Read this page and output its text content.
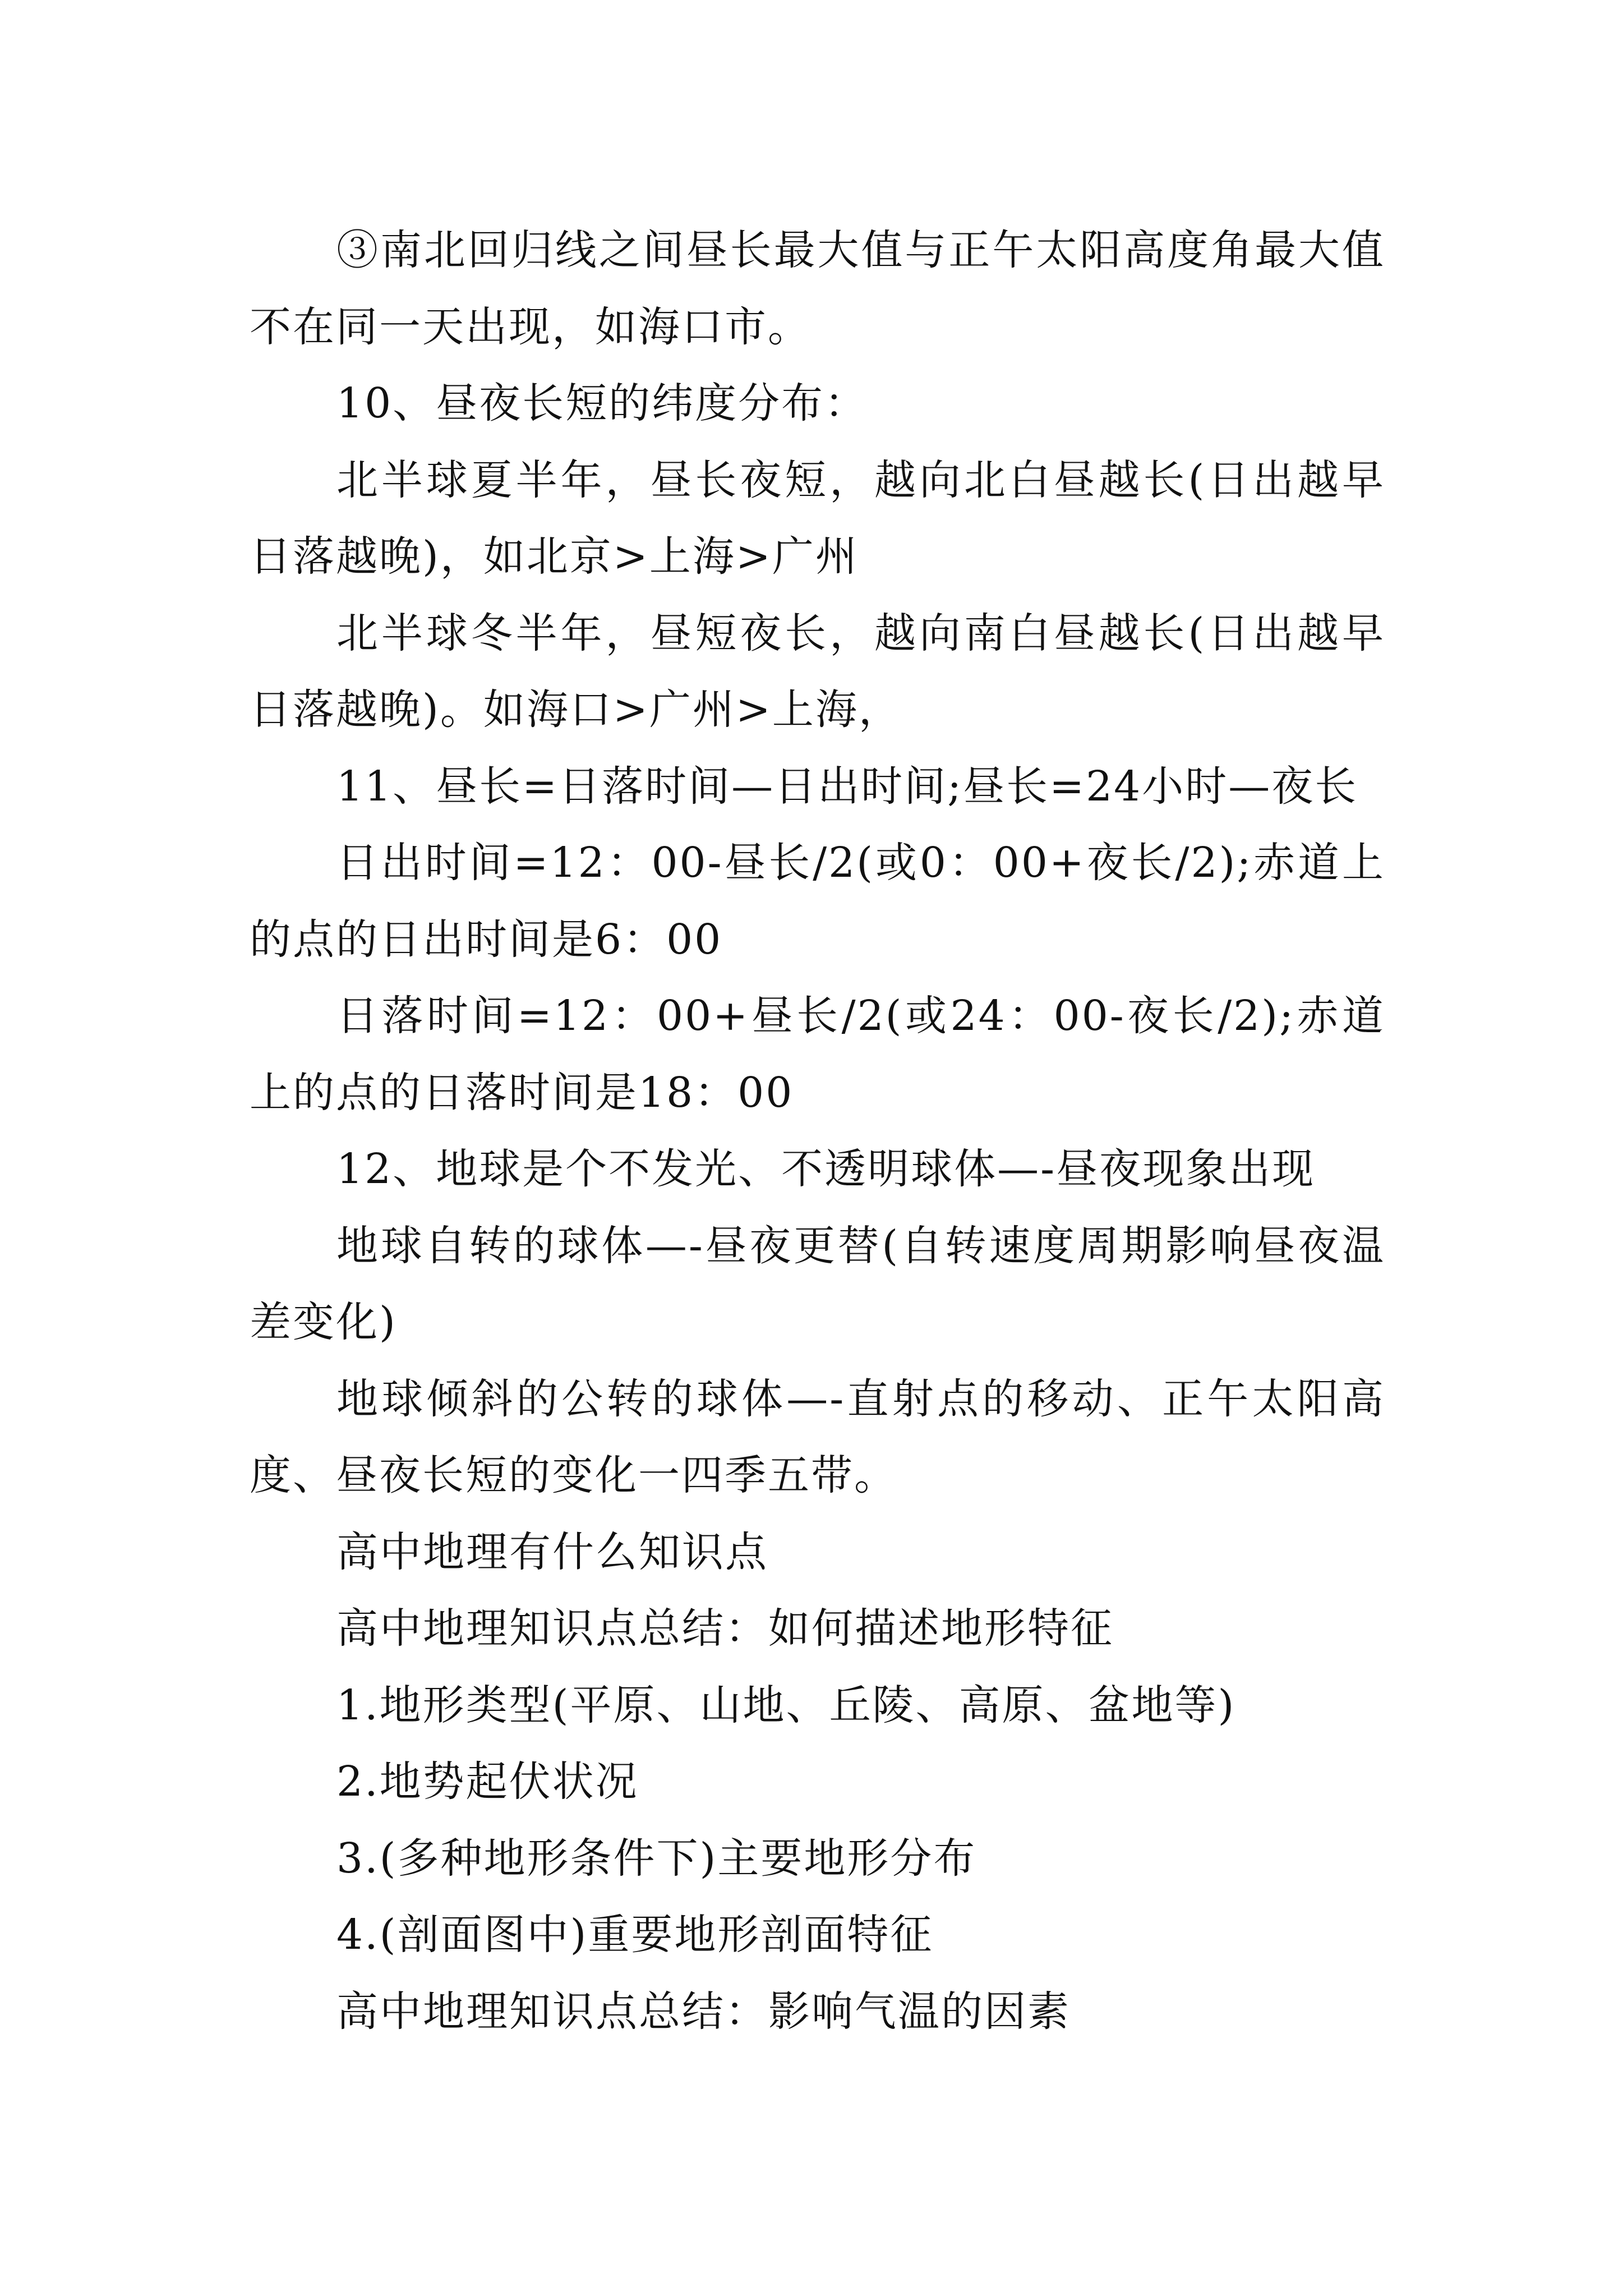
③南北回归线之间昼长最大值与正午太阳高度角最大值不在同一天出现，如海口市。

10、昼夜长短的纬度分布：

北半球夏半年，昼长夜短，越向北白昼越长(日出越早日落越晚)，如北京>上海>广州

北半球冬半年，昼短夜长，越向南白昼越长(日出越早日落越晚)。如海口>广州>上海，

11、昼长=日落时间—日出时间;昼长=24小时—夜长

日出时间=12：00-昼长/2(或0：00+夜长/2);赤道上的点的日出时间是6：00

日落时间=12：00+昼长/2(或24：00-夜长/2);赤道上的点的日落时间是18：00

12、地球是个不发光、不透明球体—-昼夜现象出现

地球自转的球体—-昼夜更替(自转速度周期影响昼夜温差变化)

地球倾斜的公转的球体—-直射点的移动、正午太阳高度、昼夜长短的变化一四季五带。

高中地理有什么知识点

高中地理知识点总结：如何描述地形特征

1.地形类型(平原、山地、丘陵、高原、盆地等)

2.地势起伏状况

3.(多种地形条件下)主要地形分布

4.(剖面图中)重要地形剖面特征

高中地理知识点总结：影响气温的因素
